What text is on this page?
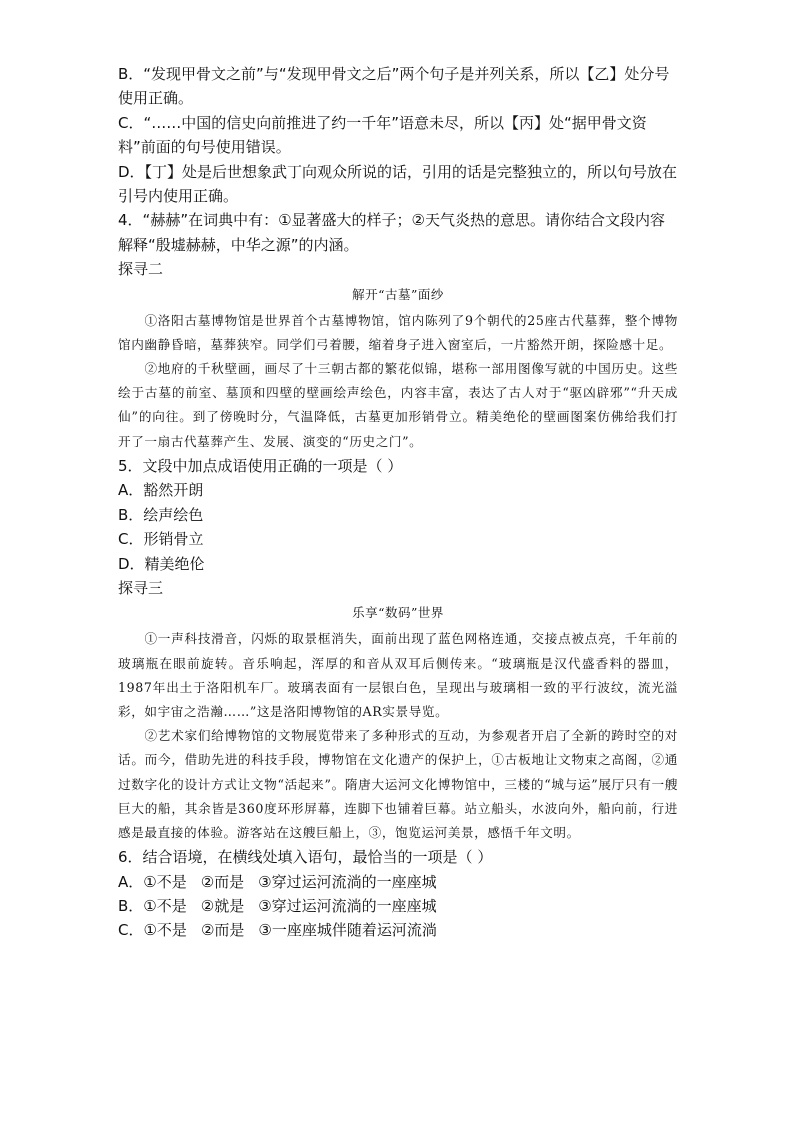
B．“发现甲骨文之前”与“发现甲骨文之后”两个句子是并列关系，所以【乙】处分号使用正确。

C．“……中国的信史向前推进了约一千年”语意未尽，所以【丙】处“据甲骨文资料”前面的句号使用错误。

D．【丁】处是后世想象武丁向观众所说的话，引用的话是完整独立的，所以句号放在引号内使用正确。

4．“赫赫”在词典中有：①显著盛大的样子；②天气炎热的意思。请你结合文段内容解释“殷墟赫赫，中华之源”的内涵。

探寻二

解开“古墓”面纱

①洛阳古墓博物馆是世界首个古墓博物馆，馆内陈列了9个朝代的25座古代墓葬，整个博物馆内幽静昏暗，墓葬狭窄。同学们弓着腰，缩着身子进入窗室后，一片豁然开朗，探险感十足。

②地府的千秋壁画，画尽了十三朝古都的繁花似锦，堪称一部用图像写就的中国历史。这些绘于古墓的前室、墓顶和四壁的壁画绘声绘色，内容丰富，表达了古人对于“驱凶辟邪”“升天成仙”的向往。到了傍晚时分，气温降低，古墓更加形销骨立。精美绝伦的壁画图案仿佛给我们打开了一扇古代墓葬产生、发展、演变的“历史之门”。

5．文段中加点成语使用正确的一项是（ ）

A．豁然开朗

B．绘声绘色

C．形销骨立

D．精美绝伦

探寻三

乐享“数码”世界

①一声科技滑音，闪烁的取景框消失，面前出现了蓝色网格连通，交接点被点亮，千年前的玻璃瓶在眼前旋转。音乐响起，浑厚的和音从双耳后侧传来。“玻璃瓶是汉代盛香料的器皿，1987年出土于洛阳机车厂。玻璃表面有一层银白色，呈现出与玻璃相一致的平行波纹，流光溢彩，如宇宙之浩瀚……”这是洛阳博物馆的AR实景导览。

②艺术家们给博物馆的文物展览带来了多种形式的互动，为参观者开启了全新的跨时空的对话。而今，借助先进的科技手段，博物馆在文化遗产的保护上，①古板地让文物束之高阁，②通过数字化的设计方式让文物“活起来”。隋唐大运河文化博物馆中，三楼的“城与运”展厅只有一艘巨大的船，其余皆是360度环形屏幕，连脚下也铺着巨幕。站立船头，水波向外，船向前，行进感是最直接的体验。游客站在这艘巨船上，③，饱览运河美景，感悟千年文明。

6．结合语境，在横线处填入语句，最恰当的一项是（ ）

A．①不是 ②而是 ③穿过运河流淌的一座座城

B．①不是 ②就是 ③穿过运河流淌的一座座城

C．①不是 ②而是 ③一座座城伴随着运河流淌
